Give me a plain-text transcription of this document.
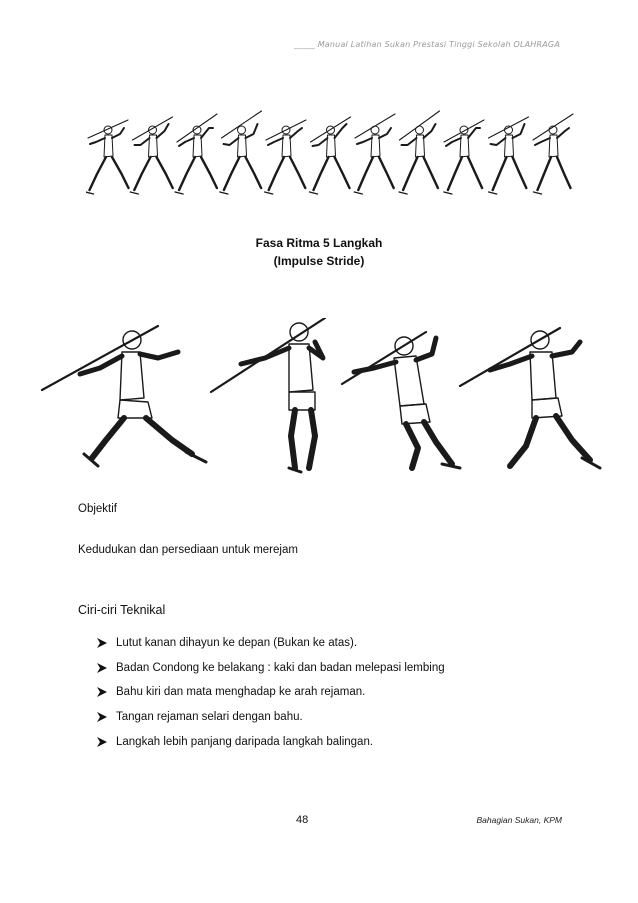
_____ Manual Latihan Sukan Prestasi Tinggi Sekolah OLAHRAGA
Fasa Ritma 5 Langkah
(Impulse Stride)
Objektif
Kedudukan dan persediaan untuk merejam
Ciri-ciri Teknikal
Lutut kanan dihayun ke depan (Bukan ke atas).
Badan Condong ke belakang : kaki dan badan melepasi lembing
Bahu kiri dan mata menghadap ke arah rejaman.
Tangan rejaman selari dengan bahu.
Langkah lebih panjang daripada langkah balingan.
48	Bahagian Sukan, KPM
